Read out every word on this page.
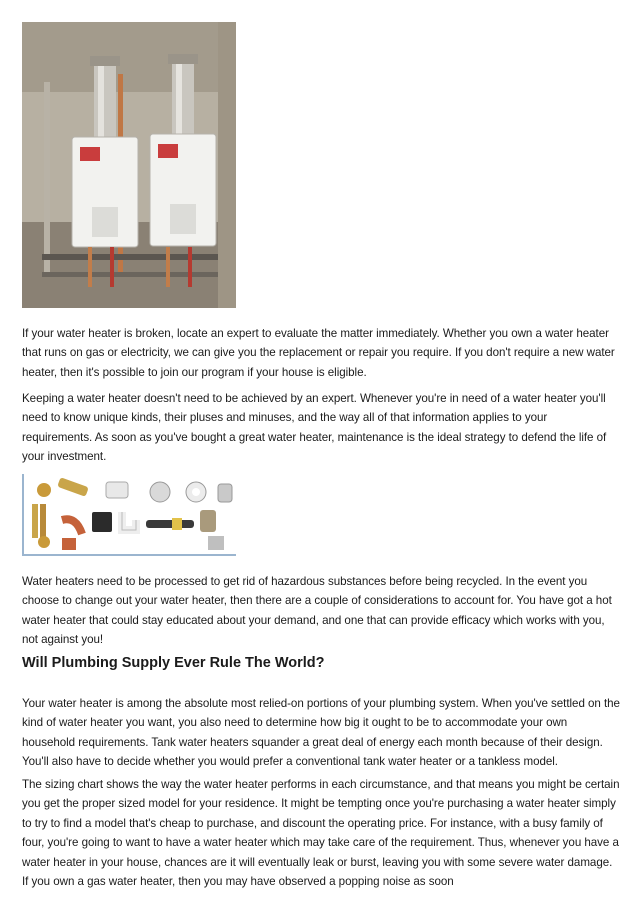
If your water heater is broken, locate an expert to evaluate the matter immediately. Whether you own a water heater that runs on gas or electricity, we can give you the replacement or repair you require. If you don't require a new water heater, then it's possible to join our program if your house is eligible.

Keeping a water heater doesn't need to be achieved by an expert. Whenever you're in need of a water heater you'll need to know unique kinds, their pluses and minuses, and the way all of that information applies to your requirements. As soon as you've bought a great water heater, maintenance is the ideal strategy to defend the life of your investment.

Water heaters need to be processed to get rid of hazardous substances before being recycled. In the event you choose to change out your water heater, then there are a couple of considerations to account for. You have got a hot water heater that could stay educated about your demand, and one that can provide efficacy which works with you, not against you!

Will Plumbing Supply Ever Rule The World?

Your water heater is among the absolute most relied-on portions of your plumbing system. When you've settled on the kind of water heater you want, you also need to determine how big it ought to be to accommodate your own household requirements. Tank water heaters squander a great deal of energy each month because of their design. You'll also have to decide whether you would prefer a conventional tank water heater or a tankless model.

The sizing chart shows the way the water heater performs in each circumstance, and that means you might be certain you get the proper sized model for your residence. It might be tempting once you're purchasing a water heater simply to try to find a model that's cheap to purchase, and discount the operating price. For instance, with a busy family of four, you're going to want to have a water heater which may take care of the requirement. Thus, whenever you have a water heater in your house, chances are it will eventually leak or burst, leaving you with some severe water damage. If you own a gas water heater, then you may have observed a popping noise as soon
